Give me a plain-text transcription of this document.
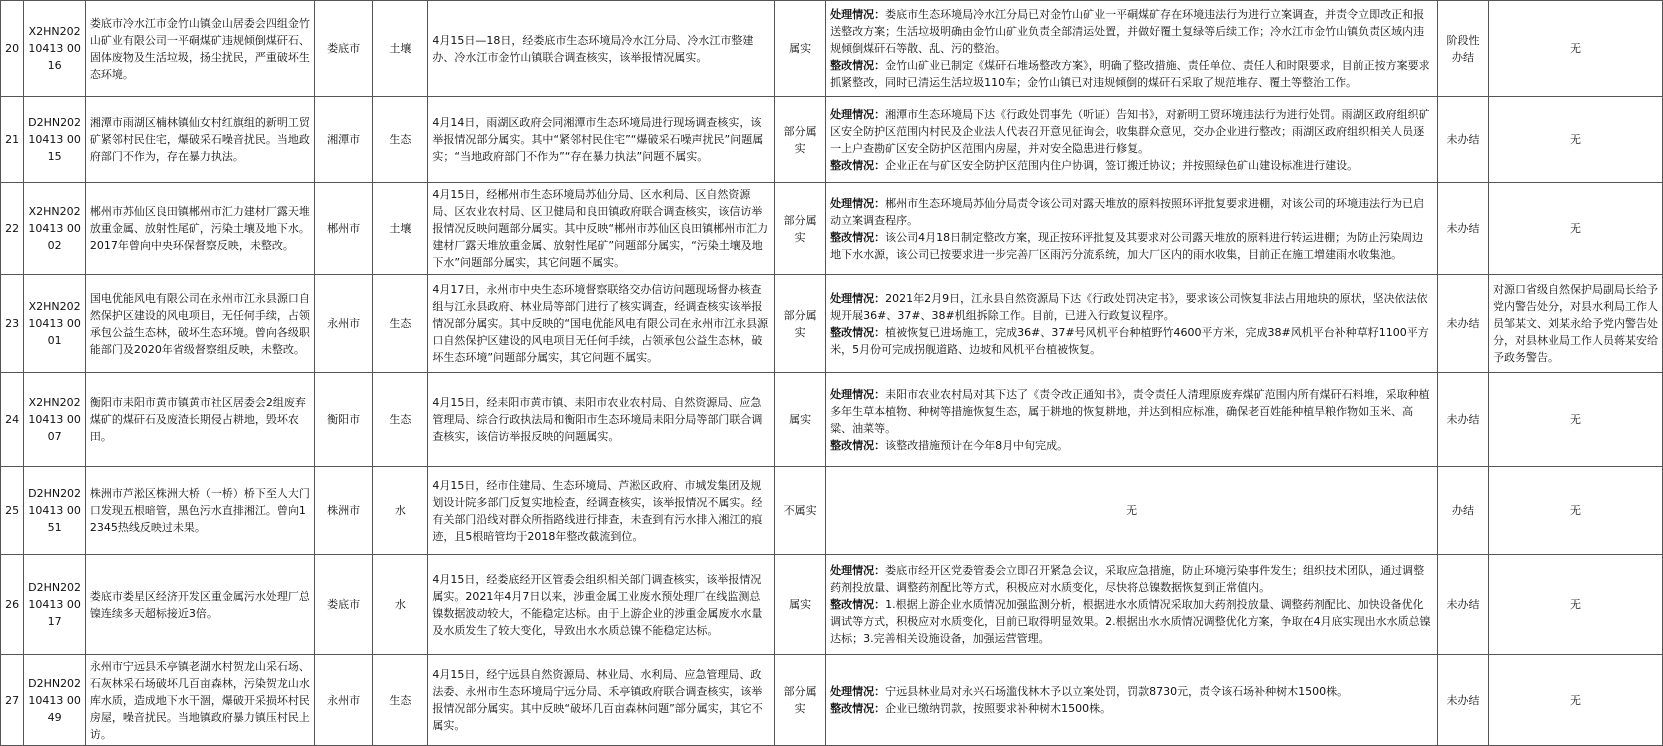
20	X2HN20210413 0016	娄底市冷水江市金竹山镇金山居委会四组金竹山矿业有限公司一平硐煤矿违规倾倒煤矸石、固体废物及生活垃圾，扬尘扰民，严重破坏生态环境。	娄底市	土壤	4月15日—18日，经娄底市生态环境局冷水江分局、冷水江市整建办、冷水江市金竹山镇联合调查核实，该举报情况属实。	属实	处理情况：娄底市生态环境局冷水江分局已对金竹山矿业一平硐煤矿存在环境违法行为进行立案调查，并责令立即改正和报送整改方案；生活垃圾明确由金竹山矿业负责全部清运处置，并做好覆土复绿等后续工作；冷水江市金竹山镇负责区域内违规倾倒煤矸石等散、乱、污的整治。
整改情况：金竹山矿业已制定《煤矸石堆场整改方案》，明确了整改措施、责任单位、责任人和时限要求，目前正按方案要求抓紧整改，同时已清运生活垃圾110车；金竹山镇已对违规倾倒的煤矸石采取了规范堆存、覆土等整治工作。	阶段性办结	无
21	D2HN20210413 0015	湘潭市雨湖区楠林镇仙女村红旗组的新明工贸矿紧邻村民住宅，爆破采石噪音扰民。当地政府部门不作为，存在暴力执法。	湘潭市	生态	4月14日，雨湖区政府会同湘潭市生态环境局进行现场调查核实，该举报情况部分属实。其中“紧邻村民住宅”“爆破采石噪声扰民”问题属实；“当地政府部门不作为”“存在暴力执法”问题不属实。	部分属实	处理情况：湘潭市生态环境局下达《行政处罚事先（听证）告知书》，对新明工贸环境违法行为进行处罚。雨湖区政府组织矿区安全防护区范围内村民及企业法人代表召开意见征询会，收集群众意见，交办企业进行整改；雨湖区政府组织相关人员逐一上户查勘矿区安全防护区范围内房屋，并对安全隐患进行修复。
整改情况：企业正在与矿区安全防护区范围内住户协调，签订搬迁协议；并按照绿色矿山建设标准进行建设。	未办结	无
22	X2HN20210413 0002	郴州市苏仙区良田镇郴州市汇力建材厂露天堆放重金属、放射性尾矿，污染土壤及地下水。2017年曾向中央环保督察反映，未整改。	郴州市	土壤	4月15日，经郴州市生态环境局苏仙分局、区水利局、区自然资源局、区农业农村局、区卫健局和良田镇政府联合调查核实，该信访举报情况反映问题部分属实。其中反映“郴州市苏仙区良田镇郴州市汇力建材厂露天堆放重金属、放射性尾矿”问题部分属实，“污染土壤及地下水”问题部分属实，其它问题不属实。	部分属实	处理情况：郴州市生态环境局苏仙分局责令该公司对露天堆放的原料按照环评批复要求进棚，对该公司的环境违法行为已启动立案调查程序。
整改情况：该公司4月18日制定整改方案，现正按环评批复及其要求对公司露天堆放的原料进行转运进棚；为防止污染周边地下水水源，该公司已按要求进一步完善厂区雨污分流系统，加大厂区内的雨水收集，目前正在施工增建雨水收集池。	未办结	无
23	X2HN20210413 0001	国电优能风电有限公司在永州市江永县源口自然保护区建设的风电项目，无任何手续，占领承包公益生态林，破坏生态环境。曾向各级职能部门及2020年省级督察组反映，未整改。	永州市	生态	4月17日，永州市中央生态环境督察联络交办信访问题现场督办核查组与江永县政府、林业局等部门进行了核实调查，经调查核实该举报情况部分属实。其中反映的“国电优能风电有限公司在永州市江永县源口自然保护区建设的风电项目无任何手续，占领承包公益生态林，破坏生态环境”问题部分属实，其它问题不属实。	部分属实	处理情况：2021年2月9日，江永县自然资源局下达《行政处罚决定书》，要求该公司恢复非法占用地块的原状，坚决依法依规开展36#、37#、38#机组拆除工作。目前，已进入行政复议程序。
整改情况：植被恢复已进场施工，完成36#、37#号风机平台种植野竹4600平方米，完成38#风机平台补种草籽1100平方米，5月份可完成拐舰道路、边坡和风机平台植被恢复。	未办结	对源口省级自然保护局副局长给予党内警告处分，对县水利局工作人员邹某文、刘某永给予党内警告处分，对县林业局工作人员蒋某安给予政务警告。
24	X2HN20210413 0007	衡阳市耒阳市黄市镇黄市社区居委会2组废弃煤矿的煤矸石及废渣长期侵占耕地，毁坏农田。	衡阳市	生态	4月15日，经耒阳市黄市镇、耒阳市农业农村局、自然资源局、应急管理局、综合行政执法局和衡阳市生态环境局耒阳分局等部门联合调查核实，该信访举报反映的问题属实。	属实	处理情况：耒阳市农业农村局对其下达了《责令改正通知书》，责令责任人清理原废弃煤矿范围内所有煤矸石料堆，采取种植多年生草本植物、种树等措施恢复生态，属于耕地的恢复耕地，并达到相应标准，确保老百姓能种植旱粮作物如玉米、高粱、油菜等。
整改情况：该整改措施预计在今年8月中旬完成。	未办结	无
25	D2HN20210413 0051	株洲市芦淞区株洲大桥（一桥）桥下至人大门口发现五根暗管，黑色污水直排湘江。曾向12345热线反映过未果。	株洲市	水	4月15日，经市住建局、生态环境局、芦淞区政府、市城发集团及规划设计院多部门反复实地检查，经调查核实，该举报情况不属实。经有关部门沿线对群众所指路线进行排查，未查到有污水排入湘江的痕迹，且5根暗管均于2018年整改截流到位。	不属实	无	办结	无
26	D2HN20210413 0017	娄底市娄星区经济开发区重金属污水处理厂总镍连续多天超标接近3倍。	娄底市	水	4月15日，经娄底经开区管委会组织相关部门调查核实，该举报情况属实。2021年4月7日以来，涉重金属工业废水预处理厂在线监测总镍数据波动较大，不能稳定达标。由于上游企业的涉重金属废水水量及水质发生了较大变化，导致出水水质总镍不能稳定达标。	属实	处理情况：娄底市经开区党委管委会立即召开紧急会议，采取应急措施，防止环境污染事件发生；组织技术团队，通过调整药剂投放量、调整药剂配比等方式，积极应对水质变化，尽快将总镍数据恢复到正常值内。
整改情况：1.根据上游企业水质情况加强监测分析，根据进水水质情况采取加大药剂投放量、调整药剂配比、加快设备优化调试等方式，积极应对水质变化，目前已取得明显效果。2.根据出水水质情况调整优化方案，争取在4月底实现出水水质总镍达标；3.完善相关设施设备，加强运营管理。	未办结	无
27	D2HN20210413 0049	永州市宁远县禾亭镇老湖水村贺龙山采石场、石灰林采石场破坏几百亩森林，污染贺龙山水库水质，造成地下水干涸，爆破开采损坏村民房屋，噪音扰民。当地镇政府暴力镇压村民上访。	永州市	生态	4月15日，经宁远县自然资源局、林业局、水利局、应急管理局、政法委、永州市生态环境局宁远分局、禾亭镇政府联合调查核实，该举报情况部分属实。其中反映“破坏几百亩森林问题”部分属实，其它不属实。	部分属实	处理情况：宁远县林业局对永兴石场滥伐林木予以立案处罚，罚款8730元，责令该石场补种树木1500株。
整改情况：企业已缴纳罚款，按照要求补种树木1500株。	未办结	无
